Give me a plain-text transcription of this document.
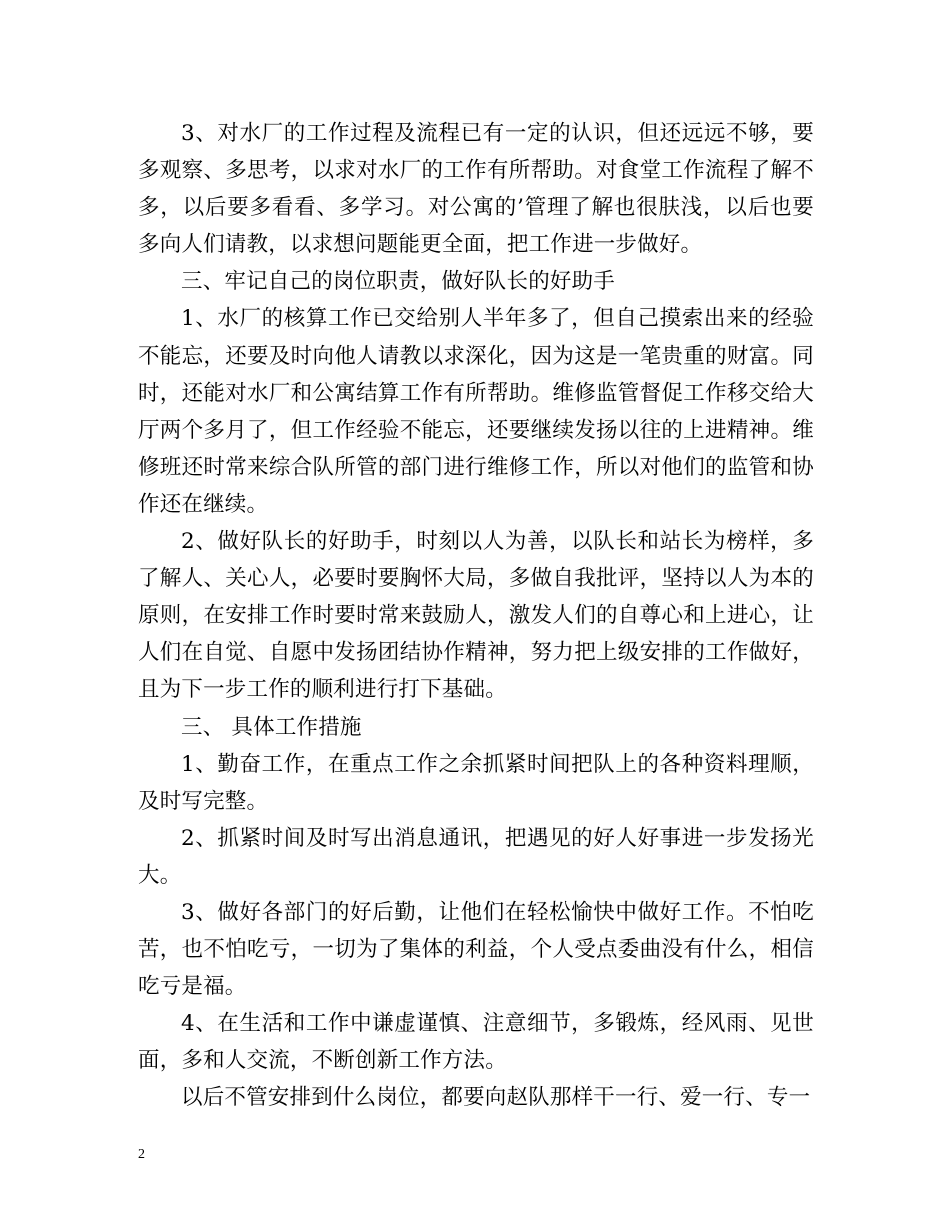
3、对水厂的工作过程及流程已有一定的认识，但还远远不够，要多观察、多思考，以求对水厂的工作有所帮助。对食堂工作流程了解不多，以后要多看看、多学习。对公寓的’管理了解也很肤浅，以后也要多向人们请教，以求想问题能更全面，把工作进一步做好。

三、牢记自己的岗位职责，做好队长的好助手

1、水厂的核算工作已交给别人半年多了，但自己摸索出来的经验不能忘，还要及时向他人请教以求深化，因为这是一笔贵重的财富。同时，还能对水厂和公寓结算工作有所帮助。维修监管督促工作移交给大厅两个多月了，但工作经验不能忘，还要继续发扬以往的上进精神。维修班还时常来综合队所管的部门进行维修工作，所以对他们的监管和协作还在继续。

2、做好队长的好助手，时刻以人为善，以队长和站长为榜样，多了解人、关心人，必要时要胸怀大局，多做自我批评，坚持以人为本的原则，在安排工作时要时常来鼓励人，激发人们的自尊心和上进心，让人们在自觉、自愿中发扬团结协作精神，努力把上级安排的工作做好，且为下一步工作的顺利进行打下基础。

三、 具体工作措施

1、勤奋工作，在重点工作之余抓紧时间把队上的各种资料理顺，及时写完整。

2、抓紧时间及时写出消息通讯，把遇见的好人好事进一步发扬光大。

3、做好各部门的好后勤，让他们在轻松愉快中做好工作。不怕吃苦，也不怕吃亏，一切为了集体的利益，个人受点委曲没有什么，相信吃亏是福。

4、在生活和工作中谦虚谨慎、注意细节，多锻炼，经风雨、见世面，多和人交流，不断创新工作方法。

以后不管安排到什么岗位，都要向赵队那样干一行、爱一行、专一

2
